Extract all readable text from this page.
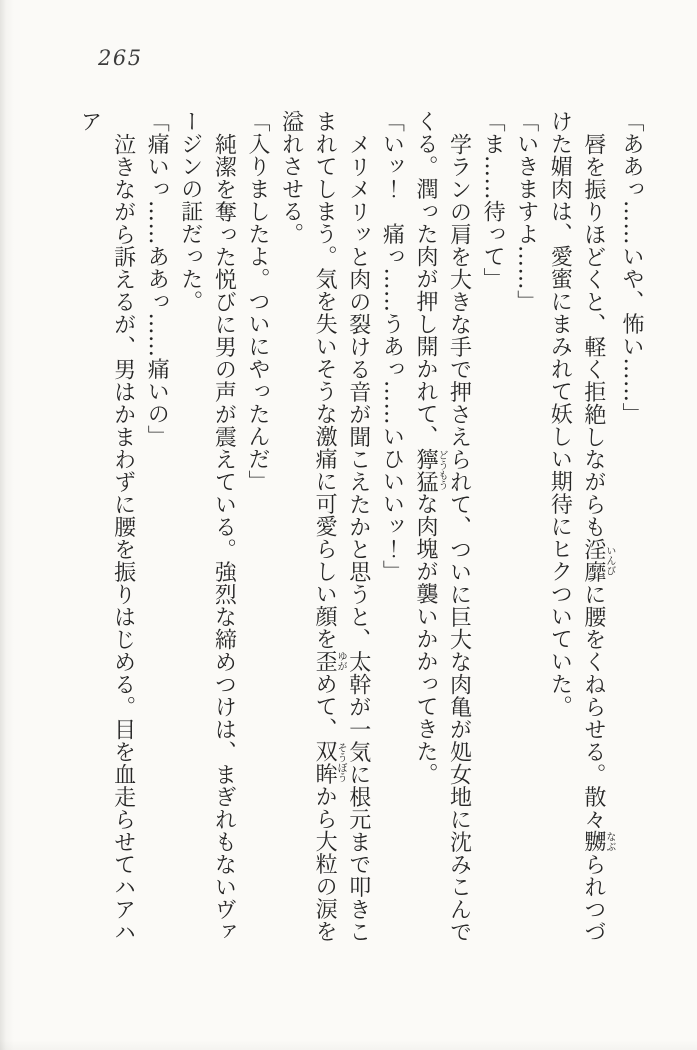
265

「ああっ……いや、怖い……」

唇を振りほどくと、軽く拒絶しながらも淫靡いんびに腰をくねらせる。散々嬲なぶられつづけた媚肉は、愛蜜にまみれて妖しい期待にヒクついていた。

「いきますよ……」

「ま……待って」

学ランの肩を大きな手で押さえられて、ついに巨大な肉亀が処女地に沈みこんでくる。潤った肉が押し開かれて、獰猛どうもうな肉塊が襲いかかってきた。

「いッ！　痛っ……うあっ……いひいいッ！」

メリメリッと肉の裂ける音が聞こえたかと思うと、太幹が一気に根元まで叩きこまれてしまう。気を失いそうな激痛に可愛らしい顔を歪ゆがめて、双眸そうぼうから大粒の涙を溢れさせる。

「入りましたよ。ついにやったんだ」

純潔を奪った悦びに男の声が震えている。強烈な締めつけは、まぎれもないヴァージンの証だった。

「痛いっ……ああっ……痛いの」

泣きながら訴えるが、男はかまわずに腰を振りはじめる。目を血走らせてハアハア
